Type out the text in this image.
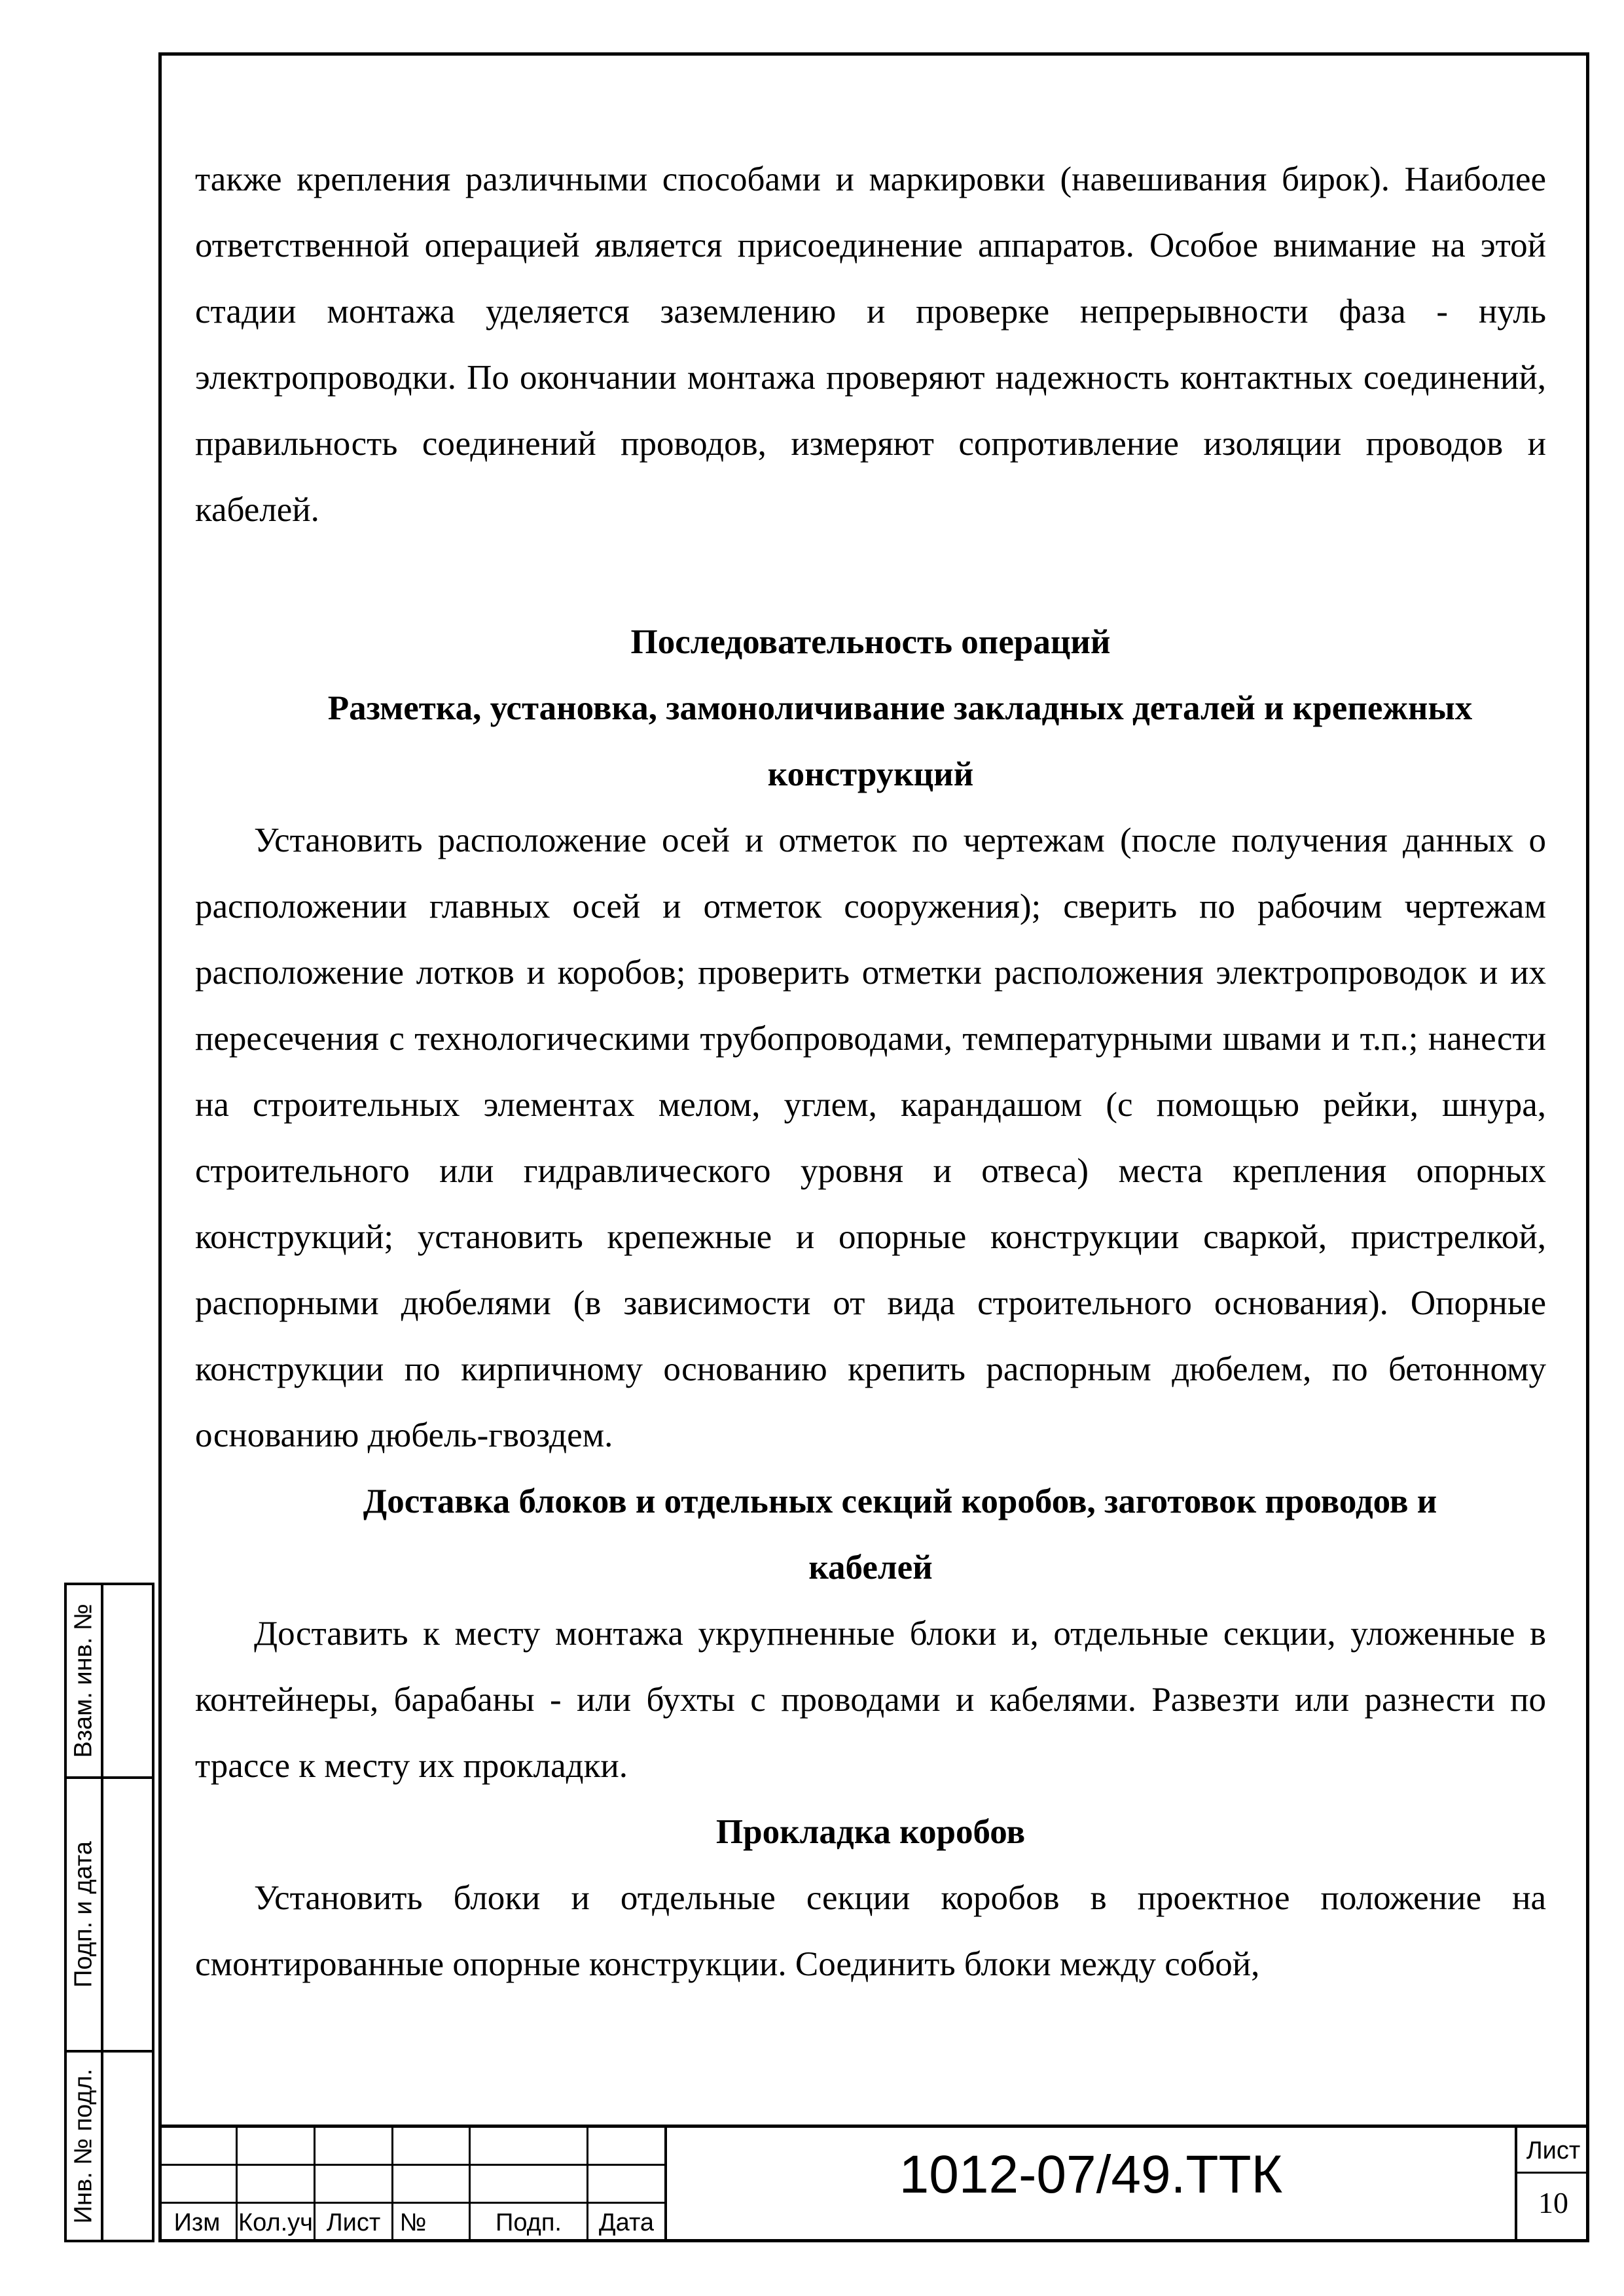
также крепления различными способами и маркировки (навешивания бирок). Наиболее ответственной операцией является присоединение аппаратов. Особое внимание на этой стадии монтажа уделяется заземлению и проверке непрерывности фаза - нуль электропроводки. По окончании монтажа проверяют надежность контактных соединений, правильность соединений проводов, измеряют сопротивление изоляции проводов и кабелей.

Последовательность операций

Разметка, установка, замоноличивание закладных деталей и крепежных

конструкций

Установить расположение осей и отметок по чертежам (после получения данных о расположении главных осей и отметок сооружения); сверить по рабочим чертежам расположение лотков и коробов; проверить отметки расположения электропроводок и их пересечения с технологическими трубопроводами, температурными швами и т.п.; нанести на строительных элементах мелом, углем, карандашом (с помощью рейки, шнура, строительного или гидравлического уровня и отвеса) места крепления опорных конструкций; установить крепежные и опорные конструкции сваркой, пристрелкой, распорными дюбелями (в зависимости от вида строительного основания). Опорные конструкции по кирпичному основанию крепить распорным дюбелем, по бетонному основанию дюбель-гвоздем.

Доставка блоков и отдельных секций коробов, заготовок проводов и

кабелей

Доставить к месту монтажа укрупненные блоки и, отдельные секции, уложенные в контейнеры, барабаны - или бухты с проводами и кабелями. Развезти или разнести по трассе к месту их прокладки.

Прокладка коробов

Установить блоки и отдельные секции коробов в проектное положение на смонтированные опорные конструкции. Соединить блоки между собой,

Взам. инв. №
Подп. и дата
Инв. № подл.	Изм Кол.уч Лист №	Подп.	Дата
1012-07/49.ТТК	Лист
10
